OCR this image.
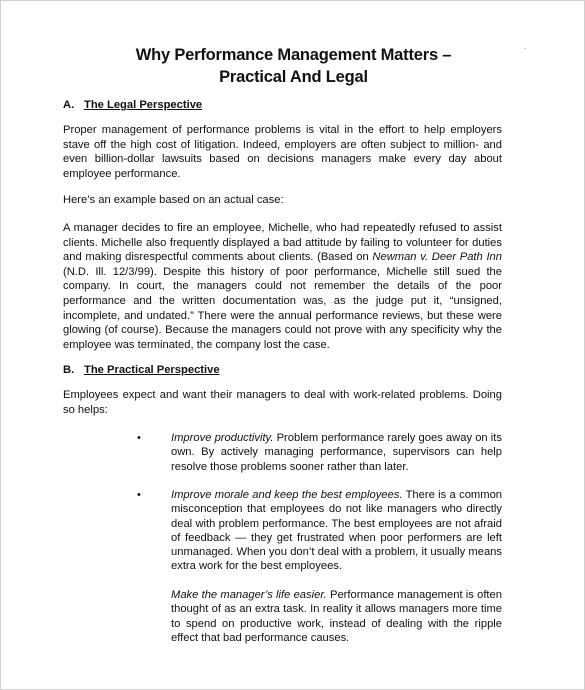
Why Performance Management Matters –
Practical And Legal
A. The Legal Perspective
Proper management of performance problems is vital in the effort to help employers stave off the high cost of litigation. Indeed, employers are often subject to million- and even billion-dollar lawsuits based on decisions managers make every day about employee performance.
Here’s an example based on an actual case:
A manager decides to fire an employee, Michelle, who had repeatedly refused to assist clients. Michelle also frequently displayed a bad attitude by failing to volunteer for duties and making disrespectful comments about clients. (Based on Newman v. Deer Path Inn (N.D. Ill. 12/3/99). Despite this history of poor performance, Michelle still sued the company. In court, the managers could not remember the details of the poor performance and the written documentation was, as the judge put it, “unsigned, incomplete, and undated.” There were the annual performance reviews, but these were glowing (of course). Because the managers could not prove with any specificity why the employee was terminated, the company lost the case.
B. The Practical Perspective
Employees expect and want their managers to deal with work-related problems. Doing so helps:
•	Improve productivity. Problem performance rarely goes away on its own. By actively managing performance, supervisors can help resolve those problems sooner rather than later.
•	Improve morale and keep the best employees. There is a common misconception that employees do not like managers who directly deal with problem performance. The best employees are not afraid of feedback — they get frustrated when poor performers are left unmanaged. When you don’t deal with a problem, it usually means extra work for the best employees.
Make the manager’s life easier. Performance management is often thought of as an extra task. In reality it allows managers more time to spend on productive work, instead of dealing with the ripple effect that bad performance causes.
